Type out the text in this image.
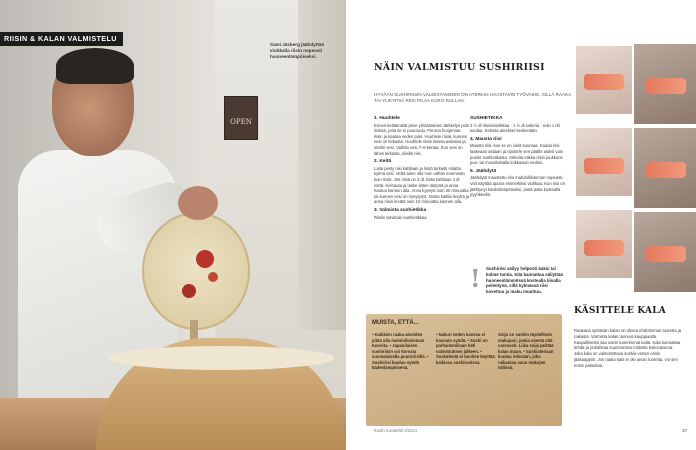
OPEN
RIISIN & KALAN VALMISTELU
Sami Jäsberg jäähdyttää viuhkalla riisin nopeasti huoneenlämpöiseksi.
NÄIN VALMISTUU SUSHIRIISI
HYVÄÄN SUSHIRIISIN VALMISTAMINEN ON ATERIAN HAASTAVIN TYÖVAIHE, SILLÄ RAAKA TAI YLIKYPSÄ RIISI PILAA KOKO RULLAN.
1. Huuhtele
Ennen keittämistä pese ylimääräinen tärkkelys pois riisistä, jotta se ei puuroudu. Peruna huojentaa riisin ja kaataa veden pois. Huuhtele riisiä, kunnes vesi on kirkasta. Huuhtele riisiä isossa astiassa ja siivilöi vesi. Vaihda vesi 7–8 kertaa. Kun vesi on lähes kirkasta, siivilöi riisi.
2. Keitä
Laita pesty riisi kattilaan ja lisää tarkasti mitattu kylmä vesi. Vettä tulee olla noin vähän enemmän kuin riisiä. Jos riisiä on 3 dl, lisää kattilaan 4 dl vettä. Kiehauta ja laske sitten lämpöä ja anna hautua kannen alla. Anna kypsyä noin 20 minuuttia tai kunnes vesi on imeytynyt. Nosta kattila levyltä ja anna riisin levätä noin 10 minuuttia kannen alla.
3. Valmista sushietikka
Riisiin tarvitaan sushietikkaa.
SUSHIETIKKA
2 ½ dl riisiviinietikkaa · 1 ½ dl sokeria · reilu 1 rkl suolaa. Sekoita ainekset keskenään.
4. Mausta riisi
Mausta riisi, kun se on vielä kuumaa. Kaada riisi laakeaan astiaan ja ripottele sen päälle aluksi vain puolet sushietikasta. Sekoita etikka riisin joukkoon puu- tai muovilastalla leikkaavin vedoin.
5. Jäähdytä
Jäähdytä maustettu riisi mahdollisimman nopeasti. Voit käyttää apuna esimerkiksi viuhkaa. Kun riisi on jäähtynyt kädenlämpöiseksi, peitä astia kostealla pyyhkeellä.
! Sushiriisi säilyy helposti kaksi tai kolme tuntia. Sitä kannattaa säilyttää huoneenlämmössä kostealla liinalla peitettynä, sillä kylmässä riisi kovettuu ja maku muuttuu.
MUISTA, ETTÄ...
• Kaikkien raaka-aineiden pitää olla mahdollisimman tuoreita. • Japanilaisen sushiriisin voi korvata suomalaisella puuroriisillä. • Sushiriisi kuuluu syödä kädenlämpöisenä.
• Nakuri veden kanssa ei kannata syödä. • Sushi on parhaimmillaan heti valmistuksen jälkeen. • Suolalientä ei tarvitse käyttää kaikissa sushiruoissa.
Soija on sushin täydellinen makupari, jonka säestä sitä varovasti. Liika soija peittää kalan maun. • Sushiateriaan kuuluu inkivääri, joka raikastaa suun makujen välissä.
Kodin Kuvalehti 3/2014
KÄSITTELE KALA
Raakana syötävän kalan on oltava ehdottoman tuoretta ja raikasta. Varmista kalan tuoreus kauppiaalta. Kaupallisesta saa usein tuoreimmat kalat. Kala kannattaa tehdä ja puhdistaa suurimmista roskista kokonaisena. Joka kala on valmistettava sushia varten ensin jääkaappiin. Jos raaka kala ei ole aivan tuoretta, voi sen ensin pakastaa.
37
